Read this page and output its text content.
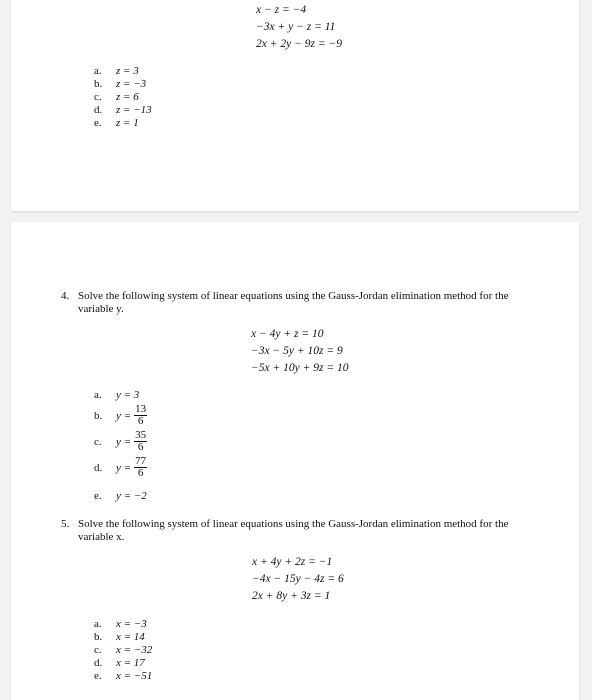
x − z = −4
−3x + y − z = 11
2x + 2y − 9z = −9
a. z = 3
b. z = −3
c. z = 6
d. z = −13
e. z = 1
4. Solve the following system of linear equations using the Gauss-Jordan elimination method for the
variable y.
x − 4y + z = 10
−3x − 5y + 10z = 9
−5x + 10y + 9z = 10
a. y = 3
b. $y = \frac{13}{6}$
c. $y = \frac{35}{6}$
d. $y = \frac{77}{6}$
e. y = −2
5. Solve the following system of linear equations using the Gauss-Jordan elimination method for the
variable x.
x + 4y + 2z = −1
−4x − 15y − 4z = 6
2x + 8y + 3z = 1
a. x = −3
b. x = 14
c. x = −32
d. x = 17
e. x = −51
